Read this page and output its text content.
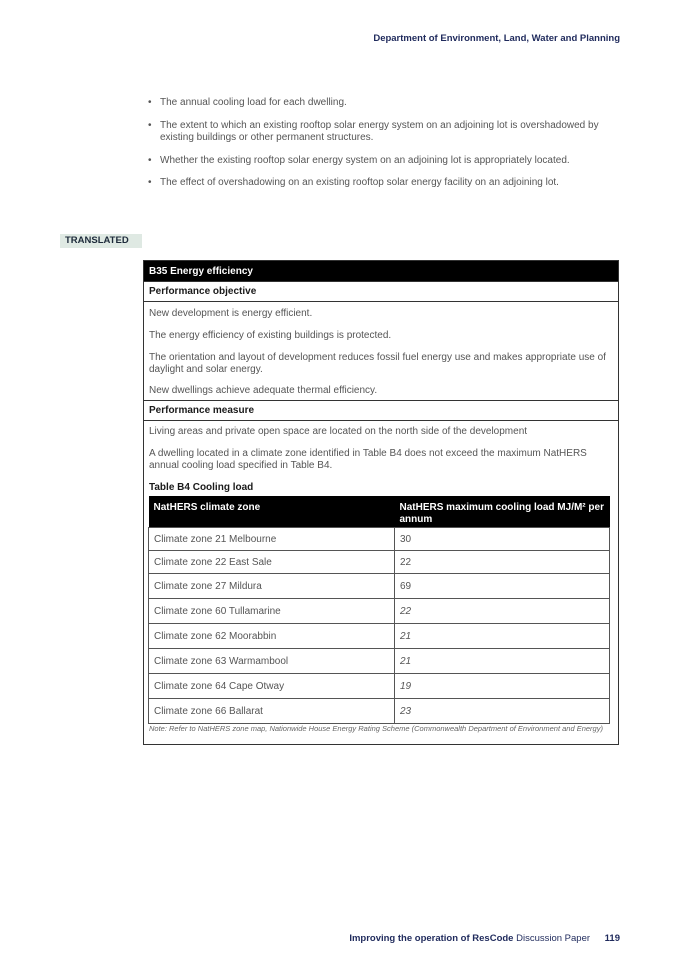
Department of Environment, Land, Water and Planning
• The annual cooling load for each dwelling.
• The extent to which an existing rooftop solar energy system on an adjoining lot is overshadowed by existing buildings or other permanent structures.
• Whether the existing rooftop solar energy system on an adjoining lot is appropriately located.
• The effect of overshadowing on an existing rooftop solar energy facility on an adjoining lot.
TRANSLATED
B35 Energy efficiency
Performance objective
New development is energy efficient.
The energy efficiency of existing buildings is protected.
The orientation and layout of development reduces fossil fuel energy use and makes appropriate use of daylight and solar energy.
New dwellings achieve adequate thermal efficiency.
Performance measure
Living areas and private open space are located on the north side of the development
A dwelling located in a climate zone identified in Table B4 does not exceed the maximum NatHERS annual cooling load specified in Table B4.
Table B4 Cooling load
NatHERS climate zone	NatHERS maximum cooling load MJ/M² per annum
Climate zone 21 Melbourne	30
Climate zone 22 East Sale	22
Climate zone 27 Mildura	69
Climate zone 60 Tullamarine	22
Climate zone 62 Moorabbin	21
Climate zone 63 Warmambool	21
Climate zone 64 Cape Otway	19
Climate zone 66 Ballarat	23
Note: Refer to NatHERS zone map, Nationwide House Energy Rating Scheme (Commonwealth Department of Environment and Energy)
Improving the operation of ResCode Discussion Paper 119
